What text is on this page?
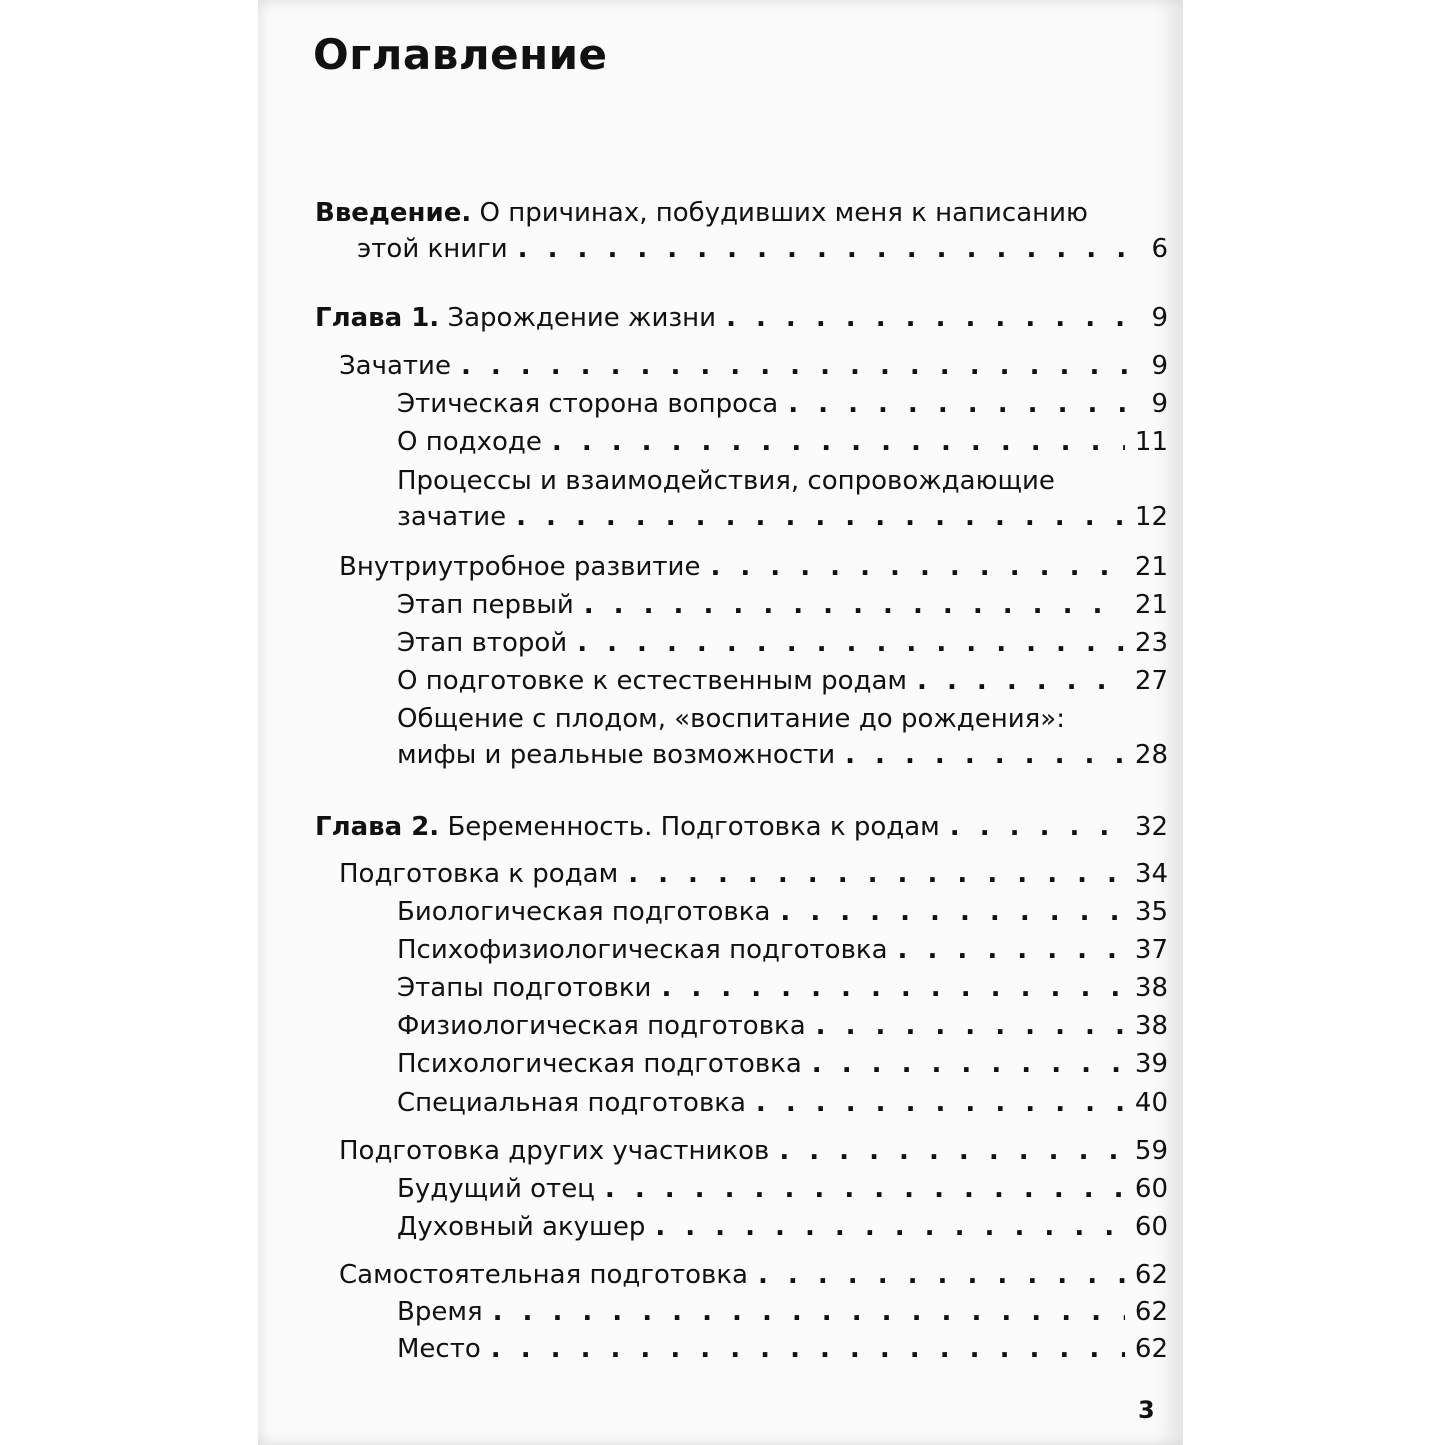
Оглавление
Введение. О причинах, побудивших меня к написанию
этой книги . . .	6
Глава 1. Зарождение жизни . . .	9
Зачатие . . .	9
Этическая сторона вопроса . . .	9
О подходе . . .	11
Процессы и взаимодействия, сопровождающие
зачатие . . .	12
Внутриутробное развитие . . .	21
Этап первый . . .	21
Этап второй . . .	23
О подготовке к естественным родам . . .	27
Общение с плодом, «воспитание до рождения»:
мифы и реальные возможности . . .	28
Глава 2. Беременность. Подготовка к родам . . .	32
Подготовка к родам . . .	34
Биологическая подготовка . . .	35
Психофизиологическая подготовка . . .	37
Этапы подготовки . . .	38
Физиологическая подготовка . . .	38
Психологическая подготовка . . .	39
Специальная подготовка . . .	40
Подготовка других участников . . .	59
Будущий отец . . .	60
Духовный акушер . . .	60
Самостоятельная подготовка . . .	62
Время . . .	62
Место . . .	62
3
